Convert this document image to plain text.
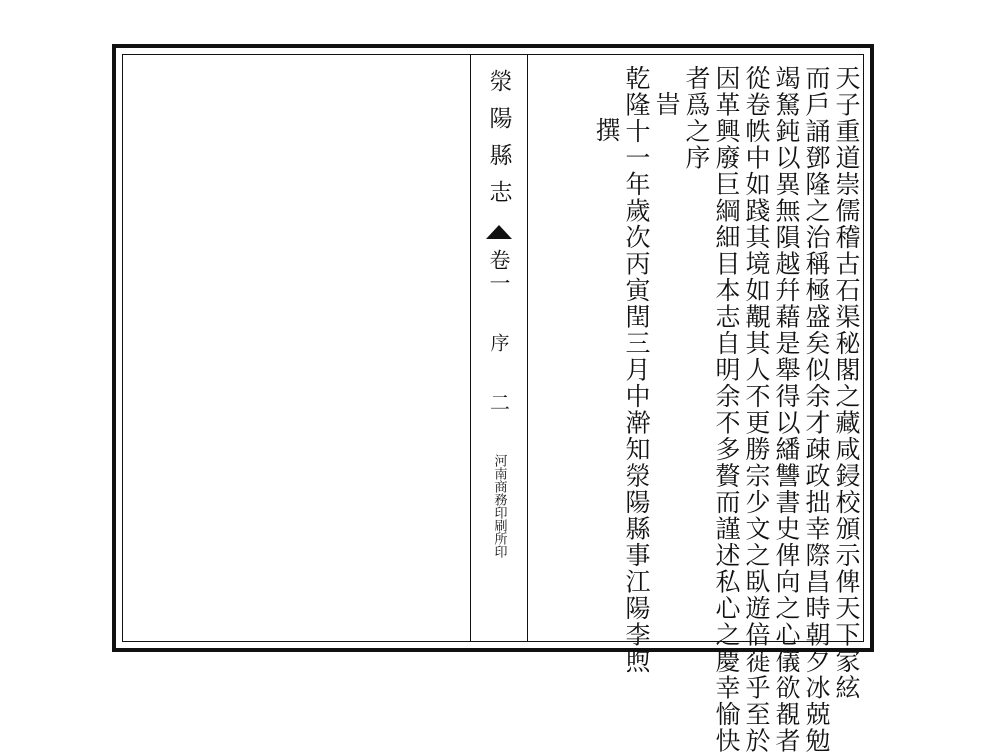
滎陽縣志
卷一
序
二
河南商務印刷所印	天子重道崇儒稽古石渠秘閣之藏咸鋟校頒示俾天下家絃
而戶誦鄧隆之治稱極盛矣似余才疎政拙幸際昌時朝夕冰兢勉
竭駑鈍以異無隕越幷藉是舉得以繙讐書史俾向之心儀欲覩者
從卷帙中如踐其境如覯其人不更勝宗少文之臥遊倍蓰乎至於
因革興廢巨綱細目本志自明余不多贅而謹述私心之慶幸愉快
者爲之序
旹
乾隆十一年歲次丙寅閏三月中澣知滎陽縣事江陽李煦
撰
